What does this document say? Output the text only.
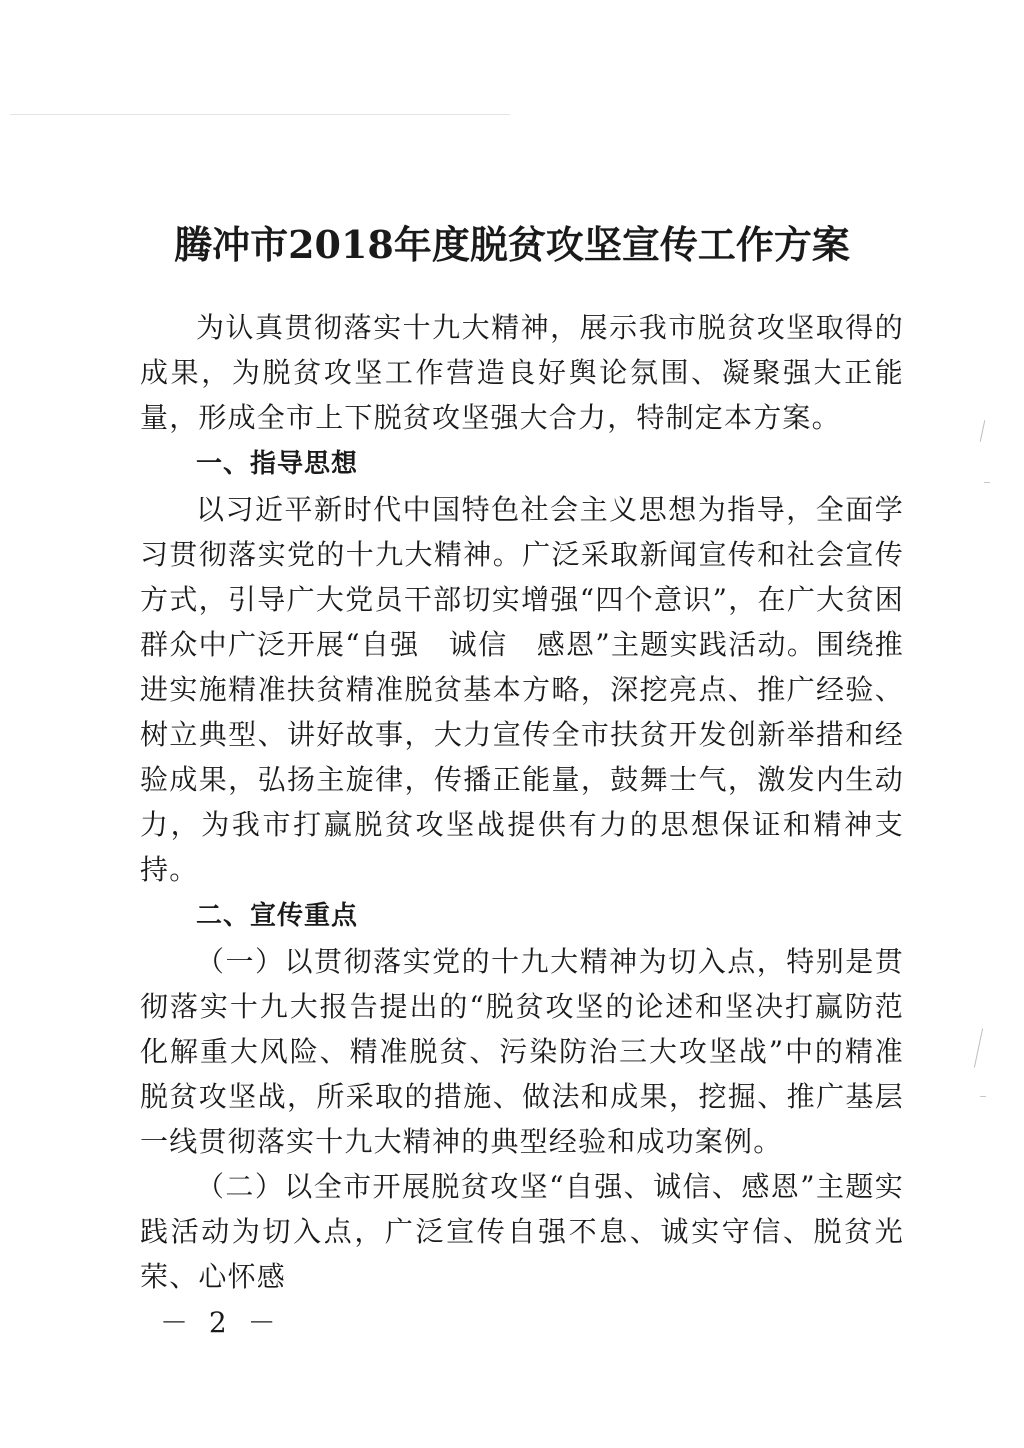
腾冲市2018年度脱贫攻坚宣传工作方案

为认真贯彻落实十九大精神，展示我市脱贫攻坚取得的成果，为脱贫攻坚工作营造良好舆论氛围、凝聚强大正能量，形成全市上下脱贫攻坚强大合力，特制定本方案。

一、指导思想

以习近平新时代中国特色社会主义思想为指导，全面学习贯彻落实党的十九大精神。广泛采取新闻宣传和社会宣传方式，引导广大党员干部切实增强“四个意识”，在广大贫困群众中广泛开展“自强　诚信　感恩”主题实践活动。围绕推进实施精准扶贫精准脱贫基本方略，深挖亮点、推广经验、树立典型、讲好故事，大力宣传全市扶贫开发创新举措和经验成果，弘扬主旋律，传播正能量，鼓舞士气，激发内生动力，为我市打赢脱贫攻坚战提供有力的思想保证和精神支持。

二、宣传重点

（一）以贯彻落实党的十九大精神为切入点，特别是贯彻落实十九大报告提出的“脱贫攻坚的论述和坚决打赢防范化解重大风险、精准脱贫、污染防治三大攻坚战”中的精准脱贫攻坚战，所采取的措施、做法和成果，挖掘、推广基层一线贯彻落实十九大精神的典型经验和成功案例。

（二）以全市开展脱贫攻坚“自强、诚信、感恩”主题实践活动为切入点，广泛宣传自强不息、诚实守信、脱贫光荣、心怀感

－ 2 －
